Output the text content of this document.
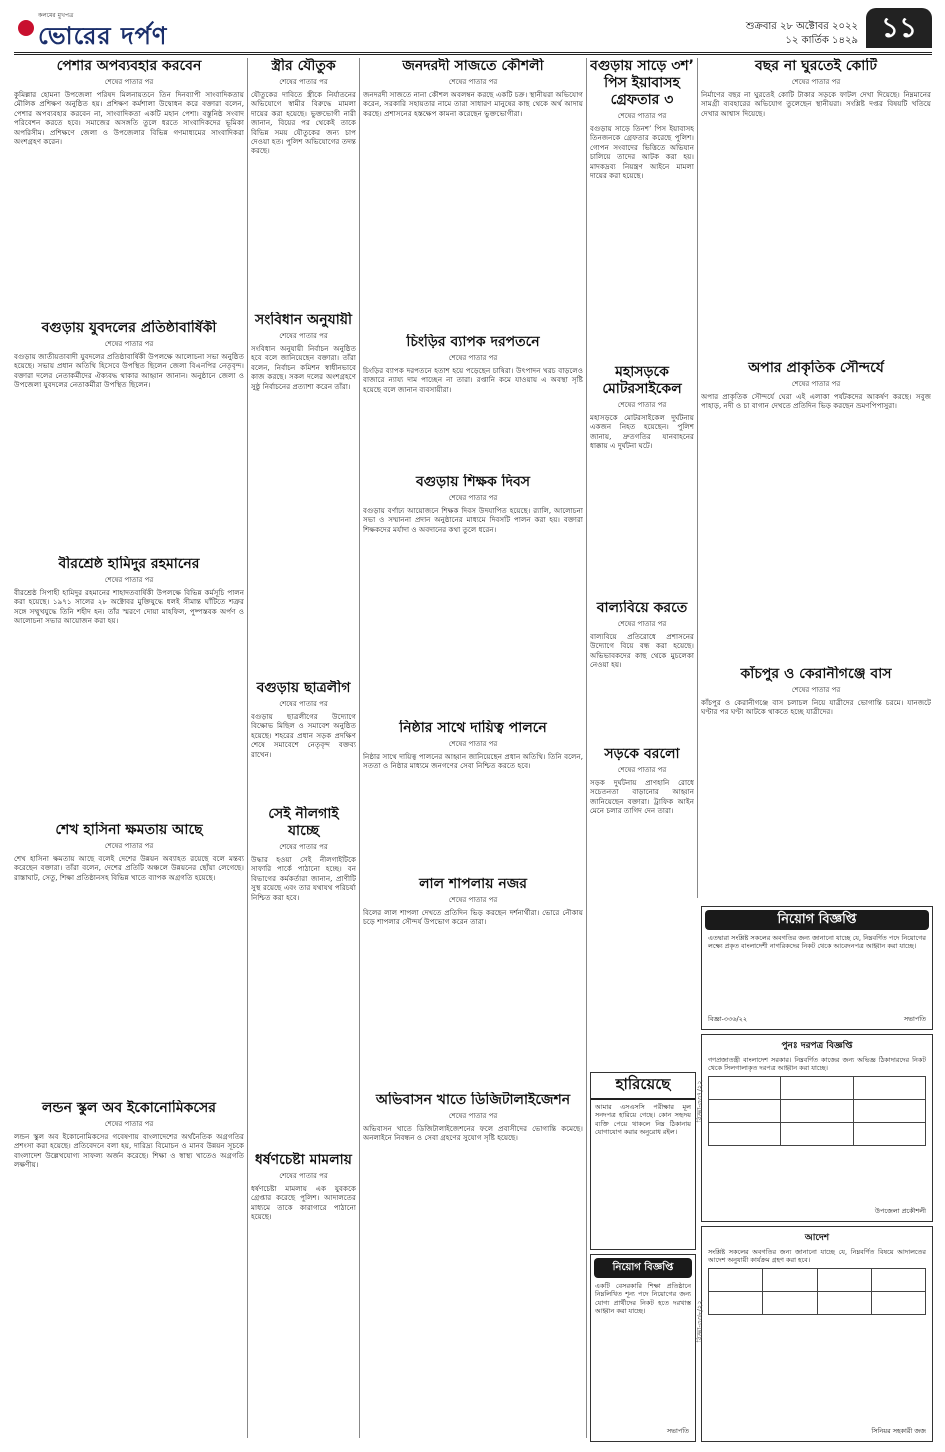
কলমের মুখপত্র
ভোরের দর্পণ	শুক্রবার ২৮ অক্টোবর ২০২২
১২ কার্তিক ১৪২৯ ১১
পেশার অপব্যবহার করবেন
শেষের পাতার পর
কুমিল্লার হোমনা উপজেলা পরিষদ মিলনায়তনে তিন দিনব্যাপী সাংবাদিকতায় মৌলিক প্রশিক্ষণ অনুষ্ঠিত হয়। প্রশিক্ষণ কর্মশালা উদ্বোধন করে বক্তারা বলেন, পেশার অপব্যবহার করবেন না, সাংবাদিকতা একটি মহান পেশা। বস্তুনিষ্ঠ সংবাদ পরিবেশন করতে হবে। সমাজের অসঙ্গতি তুলে ধরতে সাংবাদিকদের ভূমিকা অপরিসীম। প্রশিক্ষণে জেলা ও উপজেলার বিভিন্ন গণমাধ্যমের সাংবাদিকরা অংশগ্রহণ করেন।
বগুড়ায় যুবদলের প্রতিষ্ঠাবার্ষিকী
শেষের পাতার পর
বগুড়ায় জাতীয়তাবাদী যুবদলের প্রতিষ্ঠাবার্ষিকী উপলক্ষে আলোচনা সভা অনুষ্ঠিত হয়েছে। সভায় প্রধান অতিথি হিসেবে উপস্থিত ছিলেন জেলা বিএনপির নেতৃবৃন্দ। বক্তারা দলের নেতাকর্মীদের ঐক্যবদ্ধ থাকার আহ্বান জানান। অনুষ্ঠানে জেলা ও উপজেলা যুবদলের নেতাকর্মীরা উপস্থিত ছিলেন।
বীরশ্রেষ্ঠ হামিদুর রহমানের
শেষের পাতার পর
বীরশ্রেষ্ঠ সিপাহী হামিদুর রহমানের শাহাদতবার্ষিকী উপলক্ষে বিভিন্ন কর্মসূচি পালন করা হয়েছে। ১৯৭১ সালের ২৮ অক্টোবর মুক্তিযুদ্ধে ধলই সীমান্ত ঘাঁটিতে শত্রুর সঙ্গে সম্মুখযুদ্ধে তিনি শহীদ হন। তাঁর স্মরণে দোয়া মাহফিল, পুষ্পস্তবক অর্পণ ও আলোচনা সভার আয়োজন করা হয়।
শেখ হাসিনা ক্ষমতায় আছে
শেষের পাতার পর
শেখ হাসিনা ক্ষমতায় আছে বলেই দেশের উন্নয়ন অব্যাহত রয়েছে বলে মন্তব্য করেছেন বক্তারা। তাঁরা বলেন, দেশের প্রতিটি অঞ্চলে উন্নয়নের ছোঁয়া লেগেছে। রাস্তাঘাট, সেতু, শিক্ষা প্রতিষ্ঠানসহ বিভিন্ন খাতে ব্যাপক অগ্রগতি হয়েছে।
লন্ডন স্কুল অব ইকোনোমিকসের
শেষের পাতার পর
লন্ডন স্কুল অব ইকোনোমিকসের গবেষণায় বাংলাদেশের অর্থনৈতিক অগ্রগতির প্রশংসা করা হয়েছে। প্রতিবেদনে বলা হয়, দারিদ্র্য বিমোচন ও মানব উন্নয়ন সূচকে বাংলাদেশ উল্লেখযোগ্য সাফল্য অর্জন করেছে। শিক্ষা ও স্বাস্থ্য খাতেও অগ্রগতি লক্ষণীয়।
স্ত্রীর যৌতুক
শেষের পাতার পর
যৌতুকের দাবিতে স্ত্রীকে নির্যাতনের অভিযোগে স্বামীর বিরুদ্ধে মামলা দায়ের করা হয়েছে। ভুক্তভোগী নারী জানান, বিয়ের পর থেকেই তাকে বিভিন্ন সময় যৌতুকের জন্য চাপ দেওয়া হত। পুলিশ অভিযোগের তদন্ত করছে।
সংবিধান অনুযায়ী
শেষের পাতার পর
সংবিধান অনুযায়ী নির্বাচন অনুষ্ঠিত হবে বলে জানিয়েছেন বক্তারা। তাঁরা বলেন, নির্বাচন কমিশন স্বাধীনভাবে কাজ করছে। সকল দলের অংশগ্রহণে সুষ্ঠু নির্বাচনের প্রত্যাশা করেন তাঁরা।
বগুড়ায় ছাত্রলীগ
শেষের পাতার পর
বগুড়ায় ছাত্রলীগের উদ্যোগে বিক্ষোভ মিছিল ও সমাবেশ অনুষ্ঠিত হয়েছে। শহরের প্রধান সড়ক প্রদক্ষিণ শেষে সমাবেশে নেতৃবৃন্দ বক্তব্য রাখেন।
সেই নীলগাই যাচ্ছে
শেষের পাতার পর
উদ্ধার হওয়া সেই নীলগাইটিকে সাফারি পার্কে পাঠানো হচ্ছে। বন বিভাগের কর্মকর্তারা জানান, প্রাণীটি সুস্থ রয়েছে এবং তার যথাযথ পরিচর্যা নিশ্চিত করা হবে।
ধর্ষণচেষ্টা মামলায়
শেষের পাতার পর
ধর্ষণচেষ্টা মামলায় এক যুবককে গ্রেপ্তার করেছে পুলিশ। আদালতের মাধ্যমে তাকে কারাগারে পাঠানো হয়েছে।
জনদরদী সাজতে কৌশলী
শেষের পাতার পর
জনদরদী সাজতে নানা কৌশল অবলম্বন করছে একটি চক্র। স্থানীয়রা অভিযোগ করেন, সরকারি সহায়তার নামে তারা সাধারণ মানুষের কাছ থেকে অর্থ আদায় করছে। প্রশাসনের হস্তক্ষেপ কামনা করেছেন ভুক্তভোগীরা।
চিংড়ির ব্যাপক দরপতনে
শেষের পাতার পর
চিংড়ির ব্যাপক দরপতনে হতাশ হয়ে পড়েছেন চাষিরা। উৎপাদন খরচ বাড়লেও বাজারে ন্যায্য দাম পাচ্ছেন না তারা। রপ্তানি কমে যাওয়ায় এ অবস্থা সৃষ্টি হয়েছে বলে জানান ব্যবসায়ীরা।
বগুড়ায় শিক্ষক দিবস
শেষের পাতার পর
বগুড়ায় বর্ণাঢ্য আয়োজনে শিক্ষক দিবস উদযাপিত হয়েছে। র‍্যালি, আলোচনা সভা ও সম্মাননা প্রদান অনুষ্ঠানের মাধ্যমে দিবসটি পালন করা হয়। বক্তারা শিক্ষকদের মর্যাদা ও অবদানের কথা তুলে ধরেন।
নিষ্ঠার সাথে দায়িত্ব পালনে
শেষের পাতার পর
নিষ্ঠার সাথে দায়িত্ব পালনের আহ্বান জানিয়েছেন প্রধান অতিথি। তিনি বলেন, সততা ও নিষ্ঠার মাধ্যমে জনগণের সেবা নিশ্চিত করতে হবে।
লাল শাপলায় নজর
শেষের পাতার পর
বিলের লাল শাপলা দেখতে প্রতিদিন ভিড় করছেন দর্শনার্থীরা। ভোরে নৌকায় চড়ে শাপলার সৌন্দর্য উপভোগ করেন তারা।
অভিবাসন খাতে ডিজিটালাইজেশন
শেষের পাতার পর
অভিবাসন খাতে ডিজিটালাইজেশনের ফলে প্রবাসীদের ভোগান্তি কমেছে। অনলাইনে নিবন্ধন ও সেবা গ্রহণের সুযোগ সৃষ্টি হয়েছে।
বগুড়ায় সাড়ে ৩শ’ পিস ইয়াবাসহ গ্রেফতার ৩
শেষের পাতার পর
বগুড়ায় সাড়ে তিনশ’ পিস ইয়াবাসহ তিনজনকে গ্রেফতার করেছে পুলিশ। গোপন সংবাদের ভিত্তিতে অভিযান চালিয়ে তাদের আটক করা হয়। মাদকদ্রব্য নিয়ন্ত্রণ আইনে মামলা দায়ের করা হয়েছে।
মহাসড়কে মোটরসাইকেল
শেষের পাতার পর
মহাসড়কে মোটরসাইকেল দুর্ঘটনায় একজন নিহত হয়েছেন। পুলিশ জানায়, দ্রুতগতির যানবাহনের ধাক্কায় এ দুর্ঘটনা ঘটে।
বাল্যবিয়ে করতে
শেষের পাতার পর
বাল্যবিয়ে প্রতিরোধে প্রশাসনের উদ্যোগে বিয়ে বন্ধ করা হয়েছে। অভিভাবকদের কাছ থেকে মুচলেকা নেওয়া হয়।
সড়কে বরলো
শেষের পাতার পর
সড়ক দুর্ঘটনায় প্রাণহানি রোধে সচেতনতা বাড়ানোর আহ্বান জানিয়েছেন বক্তারা। ট্রাফিক আইন মেনে চলার তাগিদ দেন তারা।
বছর না ঘুরতেই কোটি
শেষের পাতার পর
নির্মাণের বছর না ঘুরতেই কোটি টাকার সড়কে ফাটল দেখা দিয়েছে। নিম্নমানের সামগ্রী ব্যবহারের অভিযোগ তুলেছেন স্থানীয়রা। সংশ্লিষ্ট দপ্তর বিষয়টি খতিয়ে দেখার আশ্বাস দিয়েছে।
অপার প্রাকৃতিক সৌন্দর্যে
শেষের পাতার পর
অপার প্রাকৃতিক সৌন্দর্যে ঘেরা এই এলাকা পর্যটকদের আকর্ষণ করছে। সবুজ পাহাড়, নদী ও চা বাগান দেখতে প্রতিদিন ভিড় করছেন ভ্রমণপিপাসুরা।
কাঁচপুর ও কেরানীগঞ্জে বাস
শেষের পাতার পর
কাঁচপুর ও কেরানীগঞ্জে বাস চলাচল নিয়ে যাত্রীদের ভোগান্তি চরমে। যানজটে ঘণ্টার পর ঘণ্টা আটকে থাকতে হচ্ছে যাত্রীদের।
নিয়োগ বিজ্ঞপ্তি
এতদ্বারা সংশ্লিষ্ট সকলের অবগতির জন্য জানানো যাচ্ছে যে, নিম্নবর্ণিত পদে নিয়োগের লক্ষ্যে প্রকৃত বাংলাদেশী নাগরিকদের নিকট থেকে আবেদনপত্র আহ্বান করা যাচ্ছে।
বিজ্ঞা-৩৩৬/২২	সভাপতি
পুনঃ দরপত্র বিজ্ঞপ্তি
গণপ্রজাতন্ত্রী বাংলাদেশ সরকার। নিম্নবর্ণিত কাজের জন্য অভিজ্ঞ ঠিকাদারদের নিকট থেকে সিলগালাকৃত দরপত্র আহ্বান করা যাচ্ছে।

উপজেলা প্রকৌশলী
আদেশ
সংশ্লিষ্ট সকলের অবগতির জন্য জানানো যাচ্ছে যে, নিম্নবর্ণিত বিষয়ে আদালতের আদেশ অনুযায়ী কার্যক্রম গ্রহণ করা হবে।

সিনিয়র সহকারী জজ
হারিয়েছে
আমার এসএসসি পরীক্ষার মূল সনদপত্র হারিয়ে গেছে। কোন সহৃদয় ব্যক্তি পেয়ে থাকলে নিম্ন ঠিকানায় যোগাযোগ করার অনুরোধ রইল।
নিয়োগ বিজ্ঞপ্তি
একটি বেসরকারি শিক্ষা প্রতিষ্ঠানে নিম্নলিখিত শূন্য পদে নিয়োগের জন্য যোগ্য প্রার্থীদের নিকট হতে দরখাস্ত আহ্বান করা যাচ্ছে।
সভাপতি
বিজ্ঞা-৩৩৭/২২
বিজ্ঞা-৩৩৮/২২
